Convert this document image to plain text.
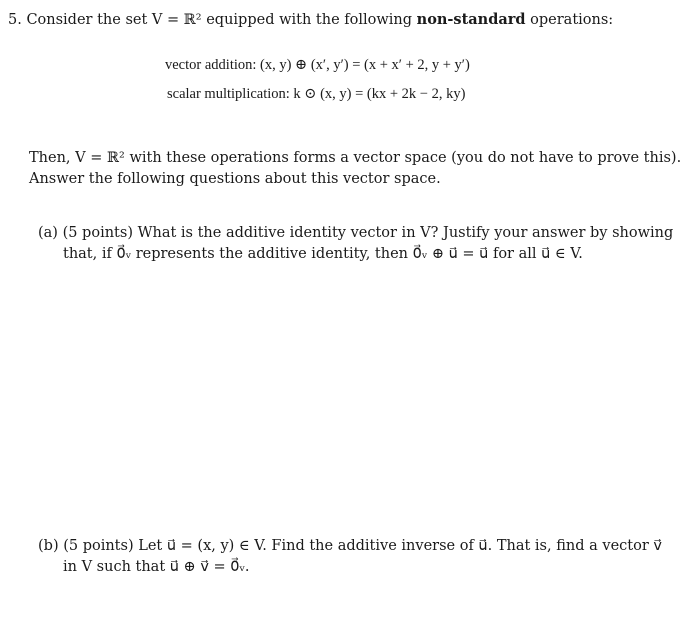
5. Consider the set V = ℝ² equipped with the following non-standard operations:
vector addition: (x, y) ⊕ (x′, y′) = (x + x′ + 2, y + y′)
scalar multiplication: k ⊙ (x, y) = (kx + 2k − 2, ky)
Then, V = ℝ² with these operations forms a vector space (you do not have to prove this).
Answer the following questions about this vector space.
(a) (5 points) What is the additive identity vector in V? Justify your answer by showing
that, if 0⃗ᵥ represents the additive identity, then 0⃗ᵥ ⊕ u⃗ = u⃗ for all u⃗ ∈ V.
(b) (5 points) Let u⃗ = (x, y) ∈ V. Find the additive inverse of u⃗. That is, find a vector v⃗
in V such that u⃗ ⊕ v⃗ = 0⃗ᵥ.
